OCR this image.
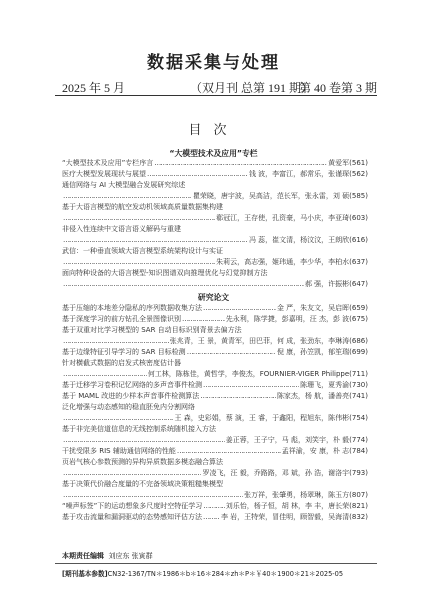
数据采集与处理
2025 年 5 月	（双月刊 总第 191 期）
第 40 卷第 3 期
目次
“大模型技术及应用”专栏
“大模型技术及应用”专栏序言 ……………………………………………………………………………………………………………………………………………………	黄爱军(561)
医疗大模型发展现状与展望 ……………………………………………………………………………………………………………………………………………………	钱 波，李富江，郝常乐，张谨琛(562)
通信网络与 AI 大模型融合发展研究综述
……………………………………………………………………………………………………………………………………………………
瞿荣晓，唐宇波，吴高洁，范长军，张永雷，刘 硕 (585)
基于大语言模型的航空发动机领域高质量数据集构建
……………………………………………………………………………………………………………………………………………………
郗冠江，王存使，孔资豪，马小庆，李亚琦 (603)
非侵入性连续中文语言语义解码与重建
……………………………………………………………………………………………………………………………………………………
冯 蕊，崔文清，杨汶汶，王朗欣 (616)
武信：一种垂直领域大语言模型系统架构设计与实证
……………………………………………………………………………………………………………………………………………………
朱莉云，高志强，姬玮通，李少华，李柏水 (637)
面向特种设备的大语言模型-知识图谱双向推理优化与幻觉抑制方法
……………………………………………………………………………………………………………………………………………………
郝 强，许振彬 (647)
研究论文
基于压缩的本地差分隐私的序列数据收集方法 ……………………………………………………………………………………………………………………………………………………	金 严，朱友文，吴启晖 (659)
基于深度学习的前方钻孔全景图像识别 ……………………………………………………………………………………………………………………………………………………	先永利，陈学捷，彭嘉明，汪 杰，彭 波 (675)
基于双重对比学习模型的 SAR 自动目标识别背景去偏方法
……………………………………………………………………………………………………………………………………………………
张兆青，王 景，黄青军，田巴菲，何 成，张劲东，李琳涛 (686)
基于边缘特征引导学习的 SAR 目标检测 ……………………………………………………………………………………………………………………………………………………	倪 康，孙笠凯，郁笙瑞 (699)
针对横截式数据的启发式核密度估计器
……………………………………………………………………………………………………………………………………………………
何工林，陈栋佳，黄哲学，李俊杰，FOURNIER-VIGER Philippe (711)
基于迁移学习卷积记忆网络的多声音事件检测 ……………………………………………………………………………………………………………………………………………………	陈珊飞，夏秀渝 (730)
基于 MAML 改进的少样本声音事件检测算法 ……………………………………………………………………………………………………………………………………………………	陈家杰，杨 航，潘善亮 (741)
泛化增强与动态感知的稳直胚免内分割网络
……………………………………………………………………………………………………………………………………………………
王 森，史彩娟，蔡 演，王 睿，于鑫阳，程旭东，陈伟彬 (754)
基于非完美信道信息的无线控制系统随机接入方法
……………………………………………………………………………………………………………………………………………………
姜正蓉，王子宁，马 彪，刘笑宇，朴 毅 (774)
干扰受限多 RIS 辅助通信网络的性能 ……………………………………………………………………………………………………………………………………………………	孟祥渝，安 康，朴 志 (784)
页岩气核心参数预测的异构异质数据多模态融合算法
……………………………………………………………………………………………………………………………………………………
罗凌飞，汪 毅，乔路路，邓 斌，孙 浩，谢洛宇 (793)
基于决策代价融合度量的不完备领域决策粗糙集模型
……………………………………………………………………………………………………………………………………………………
张万祥，张肇勇，杨翠琳，陈玉方 (807)
“噪声标签”下的运动想象多尺度时空特征学习 ……………………………………………………………………………………………………………………………………………………	刘乐怡，杨子恒，胡 林，李 丰，唐长荣 (821)
基于攻击流量和漏洞驱动的态势感知评估方法 ……………………………………………………………………………………………………………………………………………………	李 岩，王特荣，冒佳明，顾智毅，吴海清 (832)
本期责任编辑 刘应东 张寅群
[期刊基本参数]CN32-1367/TN＊1986＊b＊16＊284＊zh＊P＊￥40＊1900＊21＊2025-05
